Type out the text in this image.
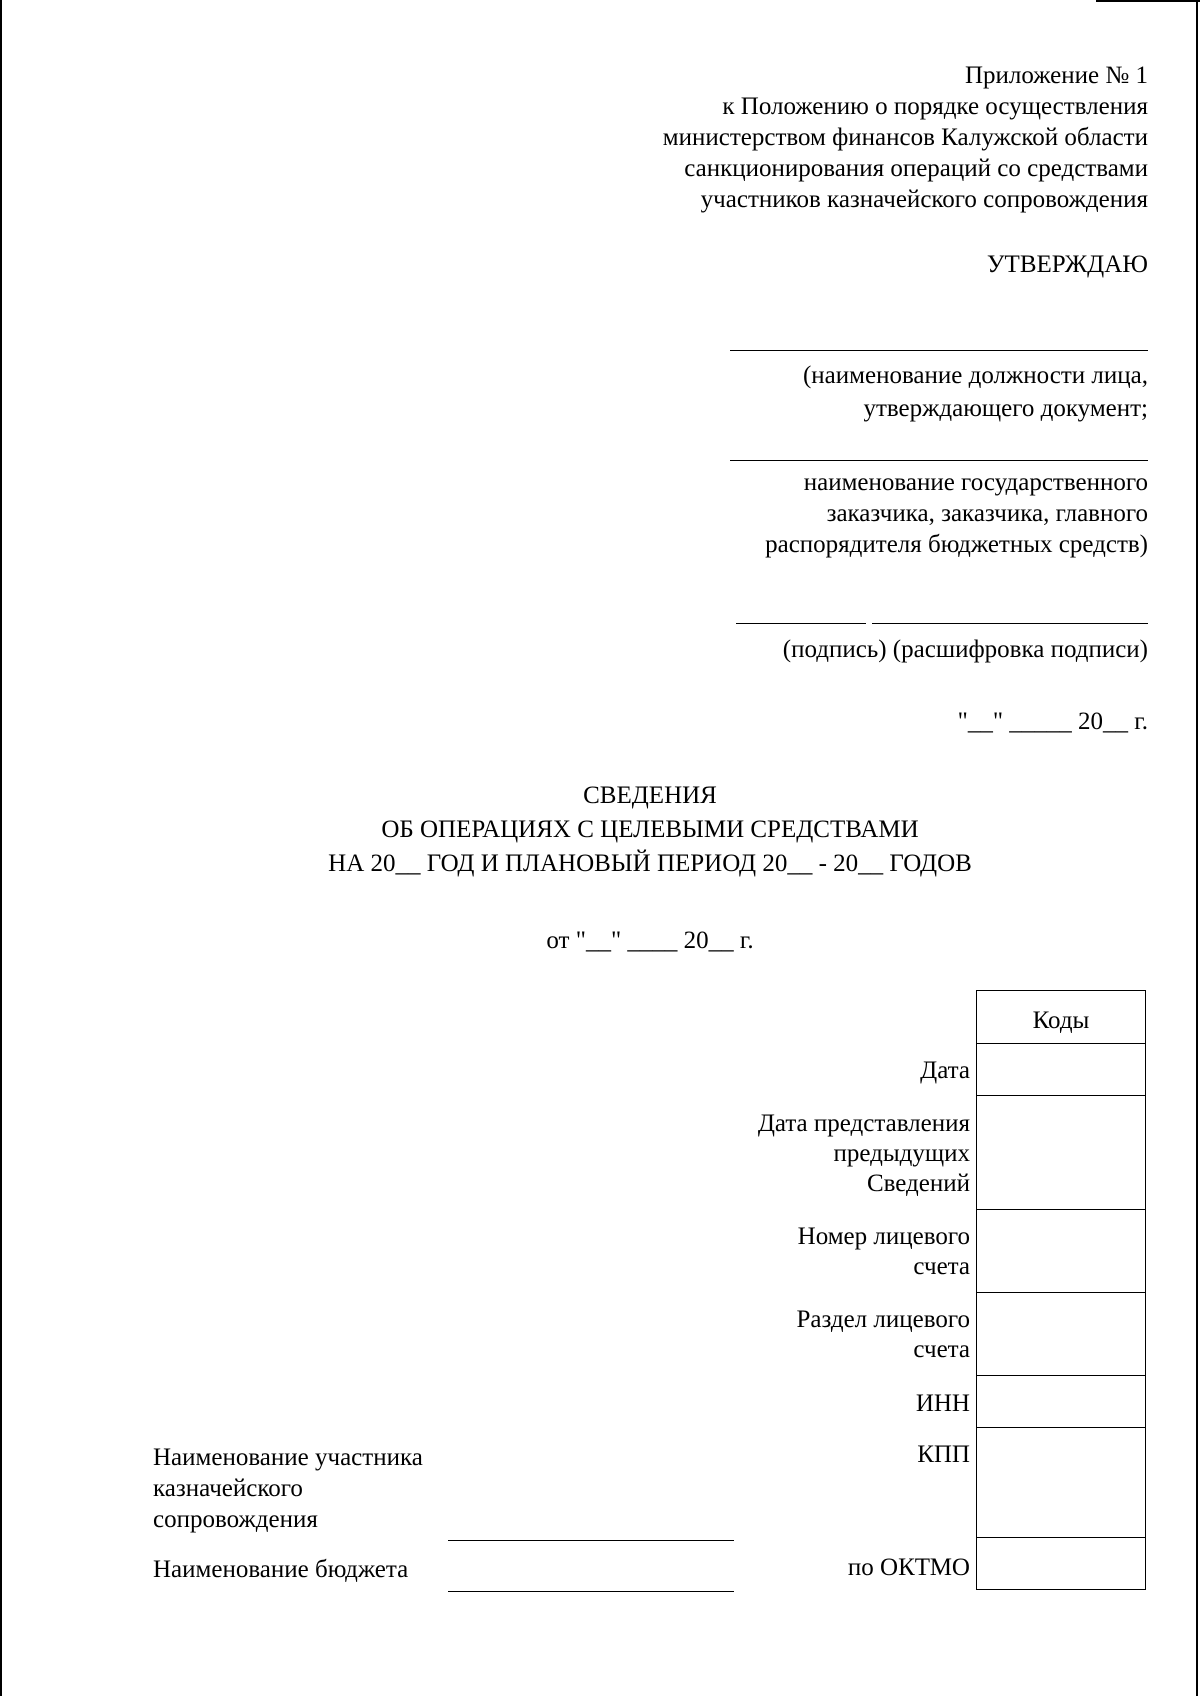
Приложение № 1
к Положению о порядке осуществления
министерством финансов Калужской области
санкционирования операций со средствами
участников казначейского сопровождения
УТВЕРЖДАЮ
(наименование должности лица,
утверждающего документ;
наименование государственного
заказчика, заказчика, главного
распорядителя бюджетных средств)
(подпись) (расшифровка подписи)
"__" _____ 20__ г.
СВЕДЕНИЯ
ОБ ОПЕРАЦИЯХ С ЦЕЛЕВЫМИ СРЕДСТВАМИ
НА 20__ ГОД И ПЛАНОВЫЙ ПЕРИОД 20__ - 20__ ГОДОВ
от "__" ____ 20__ г.
Коды
Дата
Дата представления
предыдущих
Сведений
Номер лицевого
счета
Раздел лицевого
счета
ИНН
КПП
по ОКТМО
Наименование участника
казначейского
сопровождения
Наименование бюджета
